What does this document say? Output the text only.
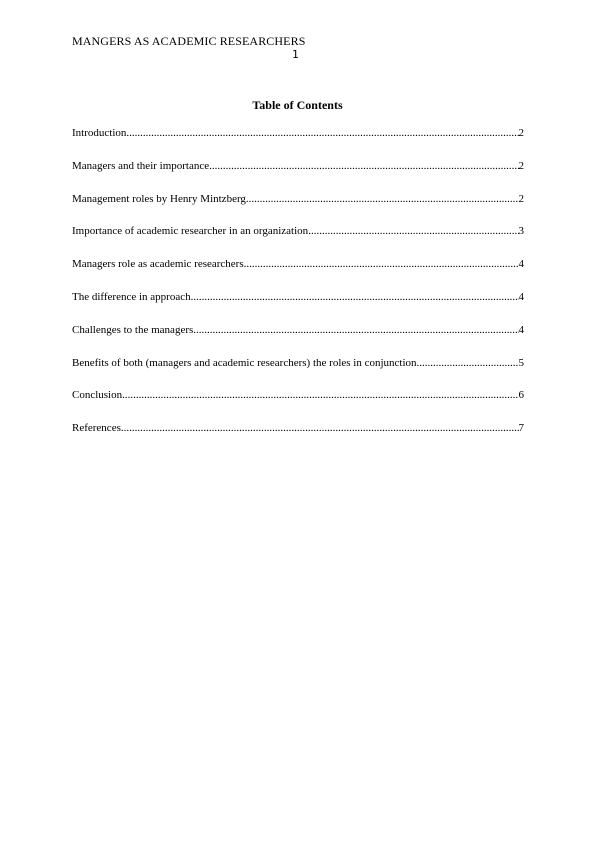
MANGERS AS ACADEMIC RESEARCHERS
1
Table of Contents
Introduction .....	2
Managers and their importance .....	2
Management roles by Henry Mintzberg .....	2
Importance of academic researcher in an organization .....	3
Managers role as academic researchers .....	4
The difference in approach .....	4
Challenges to the managers .....	4
Benefits of both (managers and academic researchers) the roles in conjunction .....	5
Conclusion .....	6
References .....	7
